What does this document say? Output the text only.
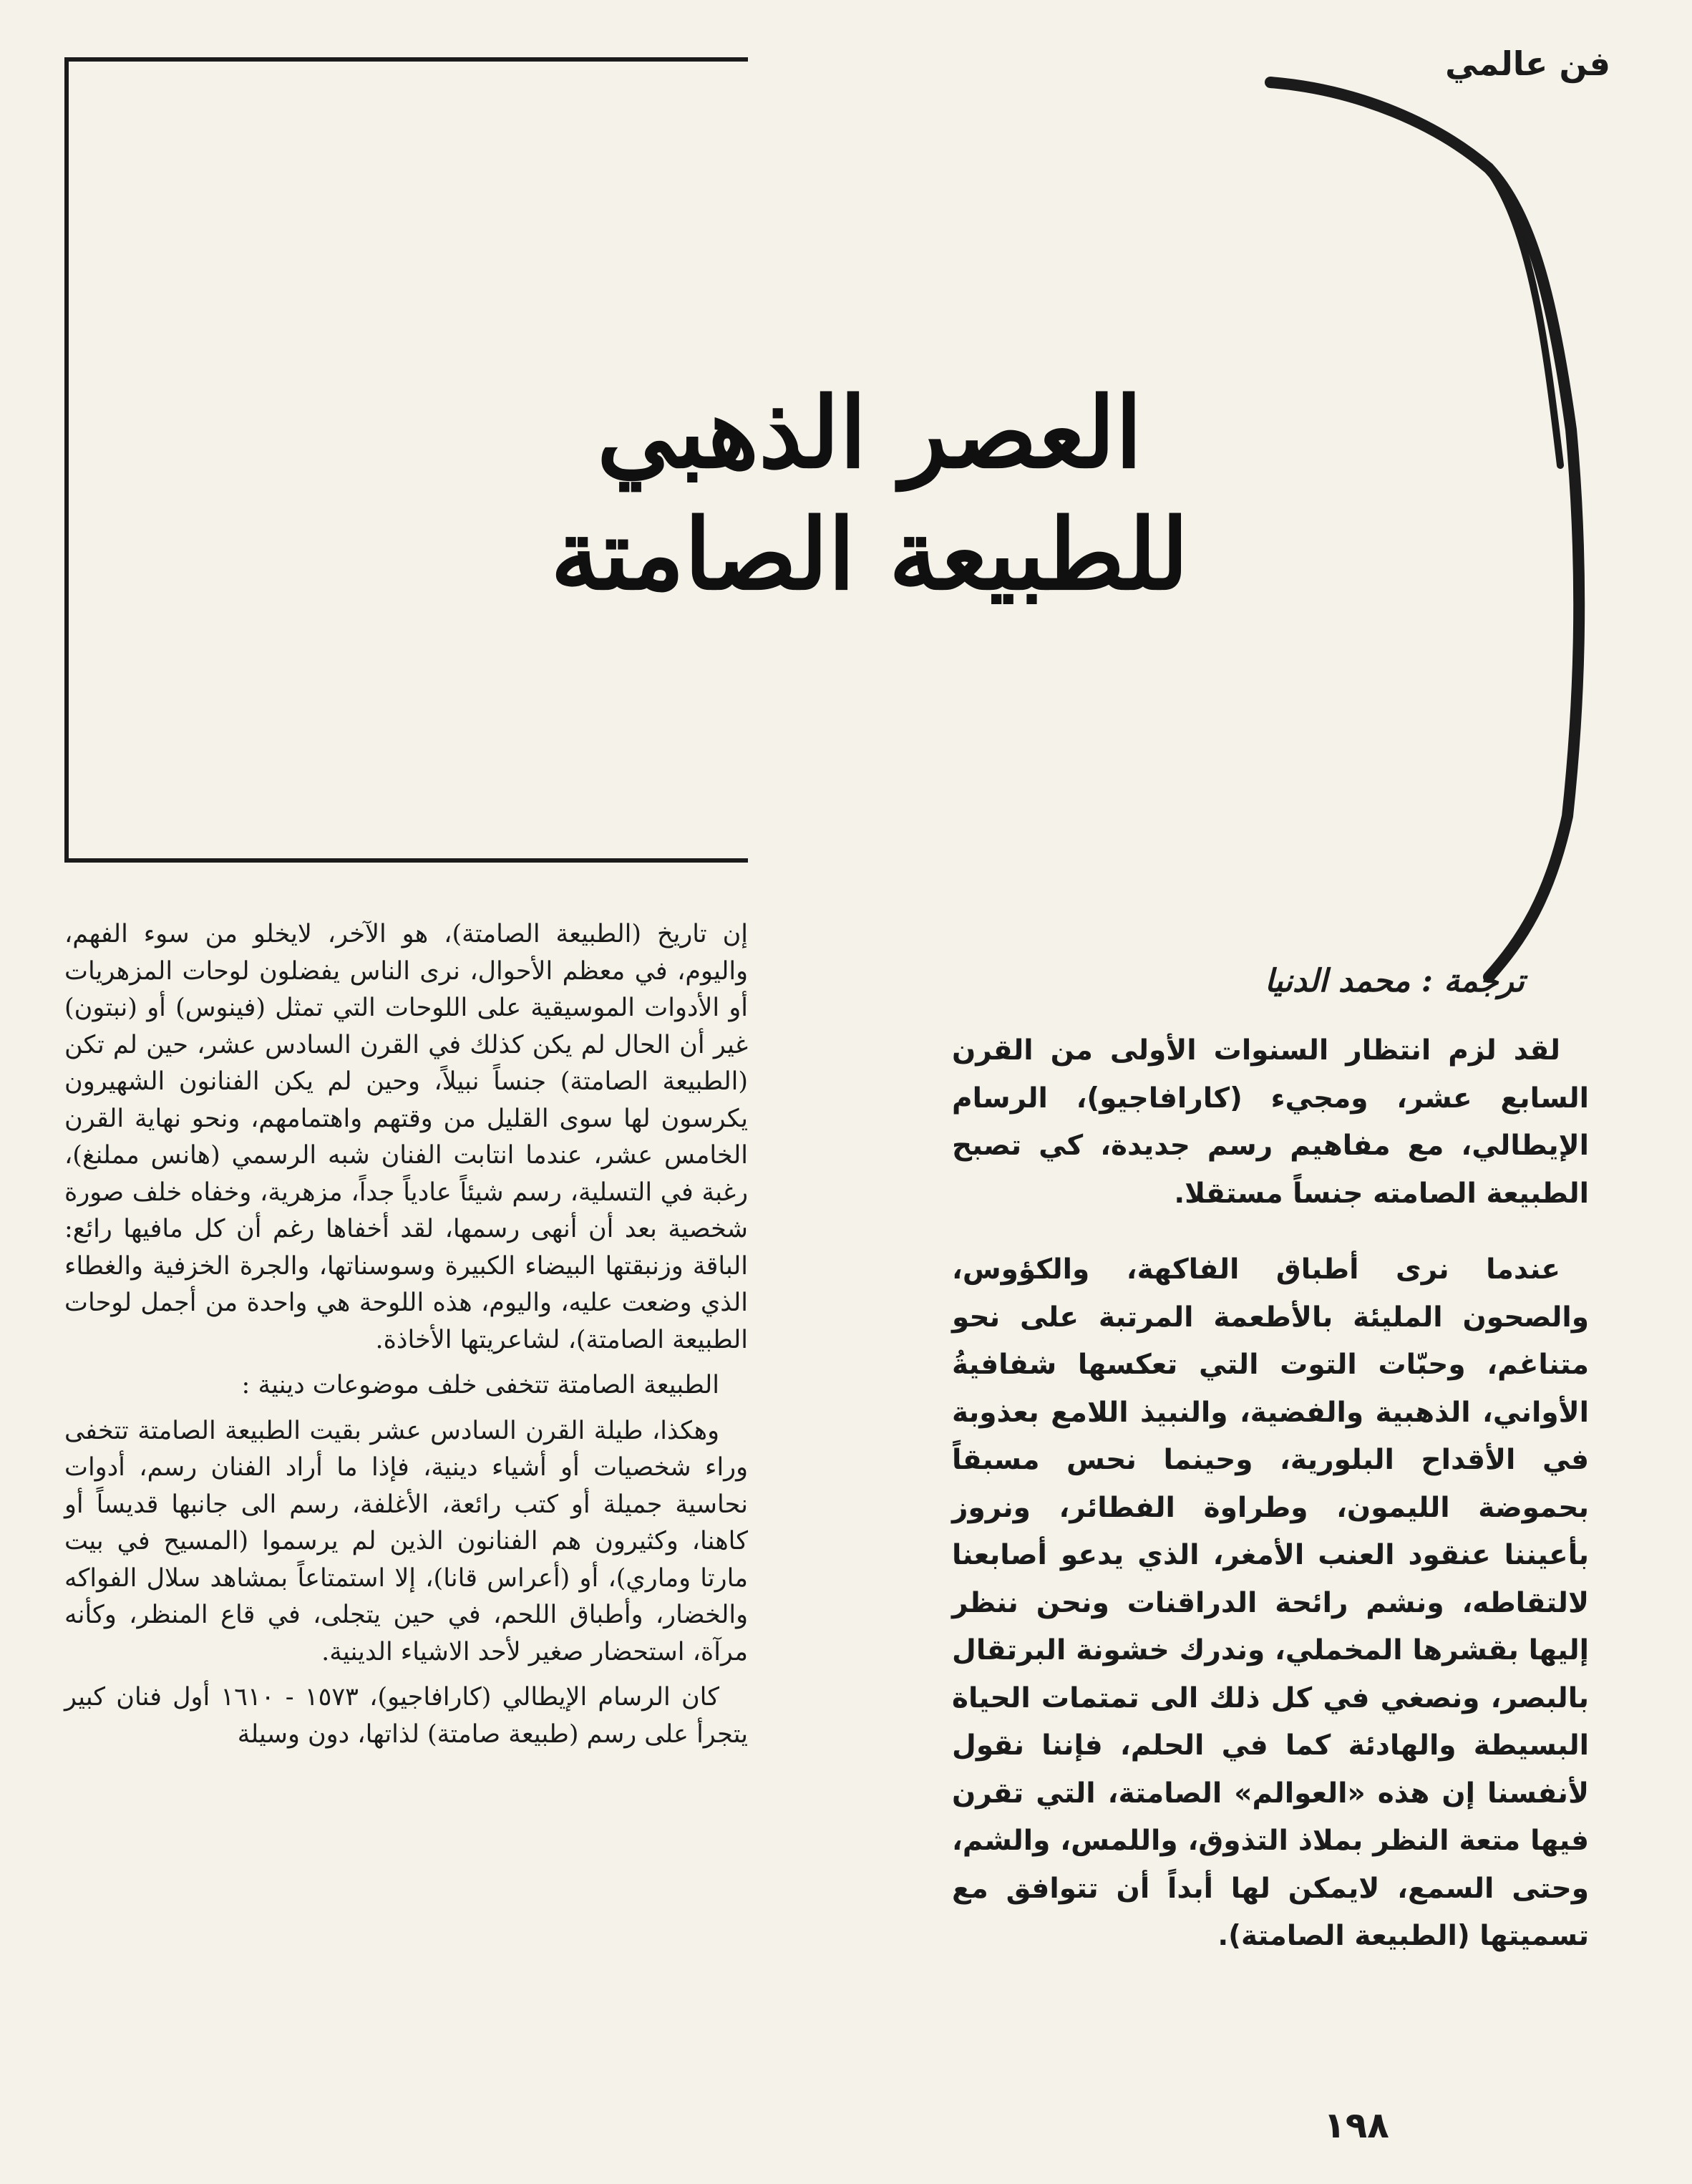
فن عالمي

العصر الذهبي
للطبيعة الصامتة
ترجمة : محمد الدنيا

لقد لزم انتظار السنوات الأولى من القرن السابع عشر، ومجيء (كارافاجيو)، الرسام الإيطالي، مع مفاهيم رسم جديدة، كي تصبح الطبيعة الصامته جنساً مستقلا.

عندما نرى أطباق الفاكهة، والكؤوس، والصحون المليئة بالأطعمة المرتبة على نحو متناغم، وحبّات التوت التي تعكسها شفافيةُ الأواني، الذهبية والفضية، والنبيذ اللامع بعذوبة في الأقداح البلورية، وحينما نحس مسبقاً بحموضة الليمون، وطراوة الفطائر، ونروز بأعيننا عنقود العنب الأمغر، الذي يدعو أصابعنا لالتقاطه، ونشم رائحة الدراقنات ونحن ننظر إليها بقشرها المخملي، وندرك خشونة البرتقال بالبصر، ونصغي في كل ذلك الى تمتمات الحياة البسيطة والهادئة كما في الحلم، فإننا نقول لأنفسنا إن هذه «العوالم» الصامتة، التي تقرن فيها متعة النظر بملاذ التذوق، واللمس، والشم، وحتى السمع، لايمكن لها أبداً أن تتوافق مع تسميتها (الطبيعة الصامتة).

إن تاريخ (الطبيعة الصامتة)، هو الآخر، لايخلو من سوء الفهم، واليوم، في معظم الأحوال، نرى الناس يفضلون لوحات المزهريات أو الأدوات الموسيقية على اللوحات التي تمثل (فينوس) أو (نبتون) غير أن الحال لم يكن كذلك في القرن السادس عشر، حين لم تكن (الطبيعة الصامتة) جنساً نبيلاً، وحين لم يكن الفنانون الشهيرون يكرسون لها سوى القليل من وقتهم واهتمامهم، ونحو نهاية القرن الخامس عشر، عندما انتابت الفنان شبه الرسمي (هانس مملنغ)، رغبة في التسلية، رسم شيئاً عادياً جداً، مزهرية، وخفاه خلف صورة شخصية بعد أن أنهى رسمها، لقد أخفاها رغم أن كل مافيها رائع: الباقة وزنبقتها البيضاء الكبيرة وسوسناتها، والجرة الخزفية والغطاء الذي وضعت عليه، واليوم، هذه اللوحة هي واحدة من أجمل لوحات الطبيعة الصامتة)، لشاعريتها الأخاذة.

الطبيعة الصامتة تتخفى خلف موضوعات دينية :

وهكذا، طيلة القرن السادس عشر بقيت الطبيعة الصامتة تتخفى وراء شخصيات أو أشياء دينية، فإذا ما أراد الفنان رسم، أدوات نحاسية جميلة أو كتب رائعة، الأغلفة، رسم الى جانبها قديساً أو كاهنا، وكثيرون هم الفنانون الذين لم يرسموا (المسيح في بيت مارتا وماري)، أو (أعراس قانا)، إلا استمتاعاً بمشاهد سلال الفواكه والخضار، وأطباق اللحم، في حين يتجلى، في قاع المنظر، وكأنه مرآة، استحضار صغير لأحد الاشياء الدينية.

كان الرسام الإيطالي (كارافاجيو)، ١٥٧٣ - ١٦١٠ أول فنان كبير يتجرأ على رسم (طبيعة صامتة) لذاتها، دون وسيلة

١٩٨
